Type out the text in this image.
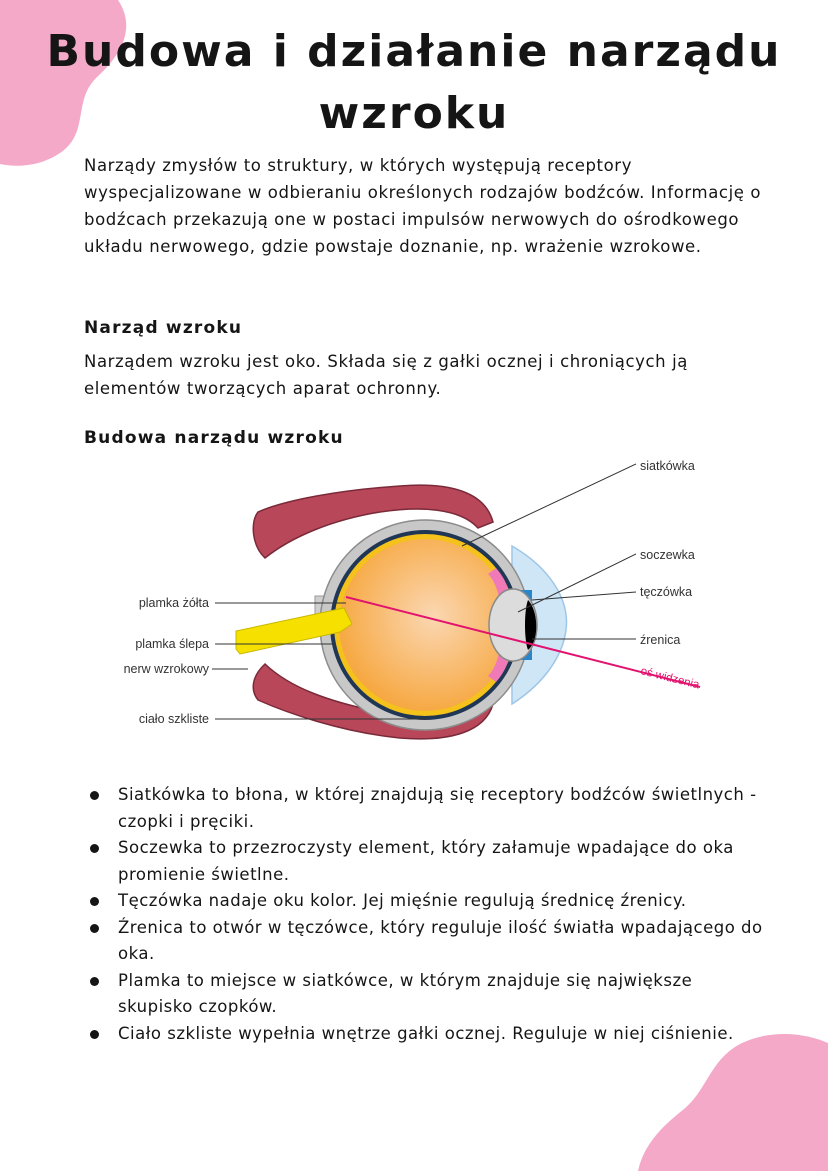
Budowa i działanie narządu
wzroku

Narządy zmysłów to struktury, w których występują receptory wyspecjalizowane w odbieraniu określonych rodzajów bodźców. Informację o bodźcach przekazują one w postaci impulsów nerwowych do ośrodkowego układu nerwowego, gdzie powstaje doznanie, np. wrażenie wzrokowe.

Narząd wzroku

Narządem wzroku jest oko. Składa się z gałki ocznej i chroniących ją elementów tworzących aparat ochronny.

Budowa narządu wzroku
siatkówka
soczewka
tęczówka
źrenica
oś widzenia
plamka żółta
plamka ślepa
nerw wzrokowy
ciało szkliste
Siatkówka to błona, w której znajdują się receptory bodźców świetlnych - czopki i pręciki.
Soczewka to przezroczysty element, który załamuje wpadające do oka promienie świetlne.
Tęczówka nadaje oku kolor. Jej mięśnie regulują średnicę źrenicy.
Źrenica to otwór w tęczówce, który reguluje ilość światła wpadającego do oka.
Plamka to miejsce w siatkówce, w którym znajduje się największe skupisko czopków.
Ciało szkliste wypełnia wnętrze gałki ocznej. Reguluje w niej ciśnienie.
